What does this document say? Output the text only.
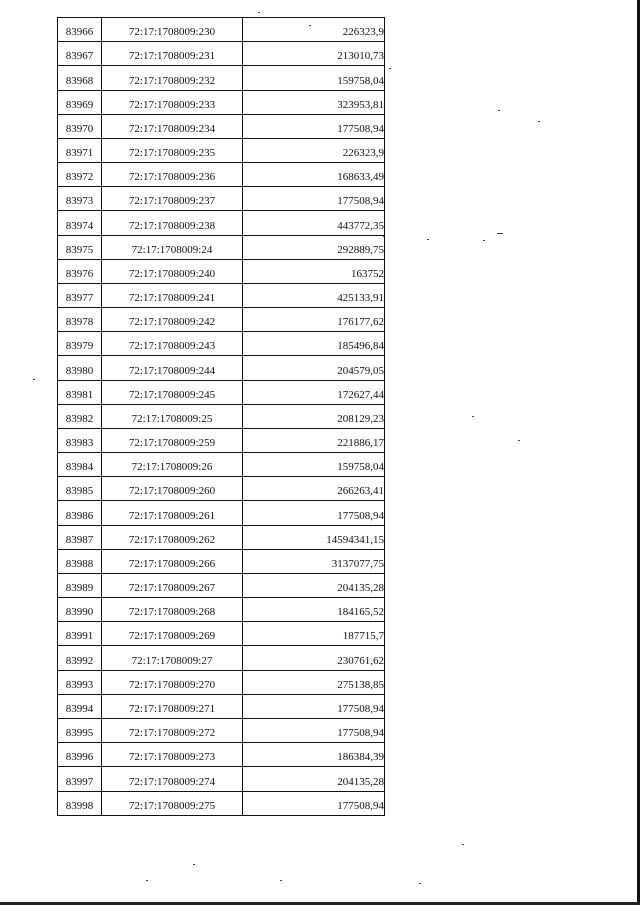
83966	72:17:1708009:230	226323,9
83967	72:17:1708009:231	213010,73
83968	72:17:1708009:232	159758,04
83969	72:17:1708009:233	323953,81
83970	72:17:1708009:234	177508,94
83971	72:17:1708009:235	226323,9
83972	72:17:1708009:236	168633,49
83973	72:17:1708009:237	177508,94
83974	72:17:1708009:238	443772,35
83975	72:17:1708009:24	292889,75
83976	72:17:1708009:240	163752
83977	72:17:1708009:241	425133,91
83978	72:17:1708009:242	176177,62
83979	72:17:1708009:243	185496,84
83980	72:17:1708009:244	204579,05
83981	72:17:1708009:245	172627,44
83982	72:17:1708009:25	208129,23
83983	72:17:1708009:259	221886,17
83984	72:17:1708009:26	159758,04
83985	72:17:1708009:260	266263,41
83986	72:17:1708009:261	177508,94
83987	72:17:1708009:262	14594341,15
83988	72:17:1708009:266	3137077,75
83989	72:17:1708009:267	204135,28
83990	72:17:1708009:268	184165,52
83991	72:17:1708009:269	187715,7
83992	72:17:1708009:27	230761,62
83993	72:17:1708009:270	275138,85
83994	72:17:1708009:271	177508,94
83995	72:17:1708009:272	177508,94
83996	72:17:1708009:273	186384,39
83997	72:17:1708009:274	204135,28
83998	72:17:1708009:275	177508,94
